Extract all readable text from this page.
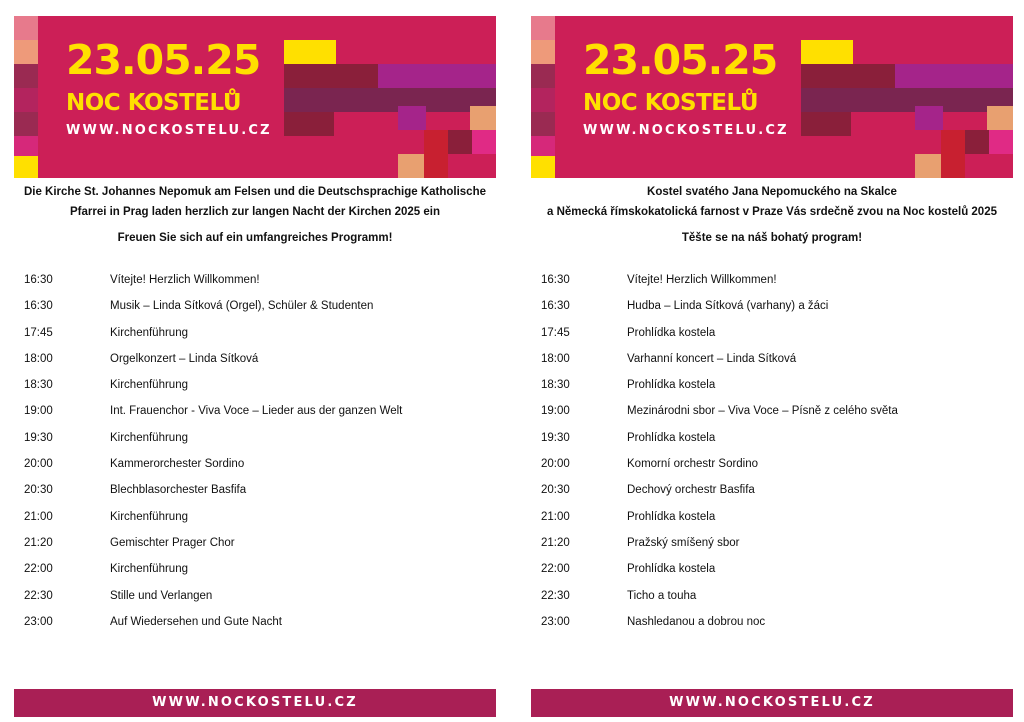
23.05.25
NOC KOSTELŮ
WWW.NOCKOSTELU.CZ
Die Kirche St. Johannes Nepomuk am Felsen und die Deutschsprachige Katholische
Pfarrei in Prag laden herzlich zur langen Nacht der Kirchen 2025 ein
Freuen Sie sich auf ein umfangreiches Programm!
16:30	Vítejte! Herzlich Willkommen!
16:30	Musik – Linda Sítková (Orgel), Schüler & Studenten
17:45	Kirchenführung
18:00	Orgelkonzert – Linda Sítková
18:30	Kirchenführung
19:00	Int. Frauenchor - Viva Voce – Lieder aus der ganzen Welt
19:30	Kirchenführung
20:00	Kammerorchester Sordino
20:30	Blechblasorchester Basfifa
21:00	Kirchenführung
21:20	Gemischter Prager Chor
22:00	Kirchenführung
22:30	Stille und Verlangen
23:00	Auf Wiedersehen und Gute Nacht
WWW.NOCKOSTELU.CZ
23.05.25
NOC KOSTELŮ
WWW.NOCKOSTELU.CZ
Kostel svatého Jana Nepomuckého na Skalce
a Německá římskokatolická farnost v Praze Vás srdečně zvou na Noc kostelů 2025
Těšte se na náš bohatý program!
16:30	Vítejte! Herzlich Willkommen!
16:30	Hudba – Linda Sítková (varhany) a žáci
17:45	Prohlídka kostela
18:00	Varhanní koncert – Linda Sítková
18:30	Prohlídka kostela
19:00	Mezinárodni sbor – Viva Voce – Písně z celého světa
19:30	Prohlídka kostela
20:00	Komorní orchestr Sordino
20:30	Dechový orchestr Basfifa
21:00	Prohlídka kostela
21:20	Pražský smíšený sbor
22:00	Prohlídka kostela
22:30	Ticho a touha
23:00	Nashledanou a dobrou noc
WWW.NOCKOSTELU.CZ
